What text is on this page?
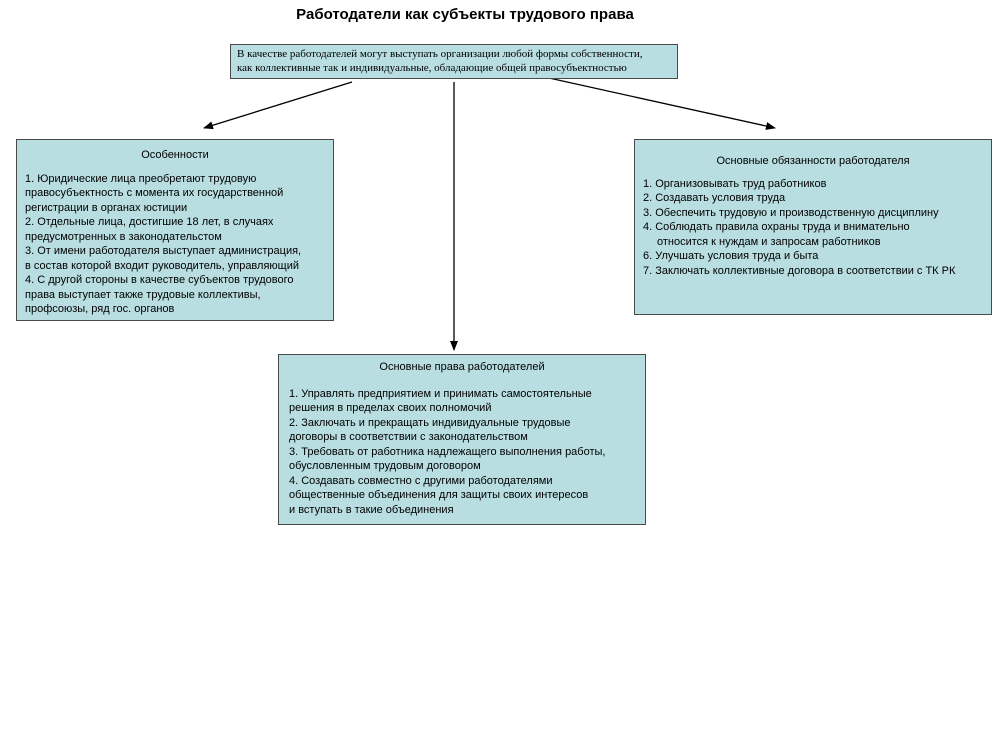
Работодатели как субъекты трудового права
В качестве работодателей могут выступать организации любой формы собственности,
как коллективные так и индивидуальные, обладающие общей правосубъектностью
Особенности
1. Юридические лица преобретают трудовую
правосубъектность с момента их государственной
регистрации в органах юстиции
2. Отдельные лица, достигшие 18 лет, в случаях
предусмотренных в законодательстом
3. От имени работодателя выступает администрация,
в состав которой входит руководитель, управляющий
4. С другой стороны в качестве субъектов трудового
права выступает также трудовые коллективы,
профсоюзы, ряд гос. органов
Основные обязанности работодателя
1. Организовывать труд работников
2. Создавать условия труда
3. Обеспечить трудовую и производственную дисциплину
4. Соблюдать правила охраны труда и внимательно
относится к нуждам и запросам работников
6. Улучшать условия труда и быта
7. Заключать коллективные договора в соответствии с ТК РК
Основные права работодателей
1. Управлять предприятием и принимать самостоятельные
решения в пределах своих полномочий
2. Заключать и прекращать индивидуальные трудовые
договоры в соответствии с законодательством
3. Требовать от работника надлежащего выполнения работы,
обусловленным трудовым договором
4. Создавать совместно с другими работодателями
общественные объединения для защиты своих интересов
и вступать в такие объединения
